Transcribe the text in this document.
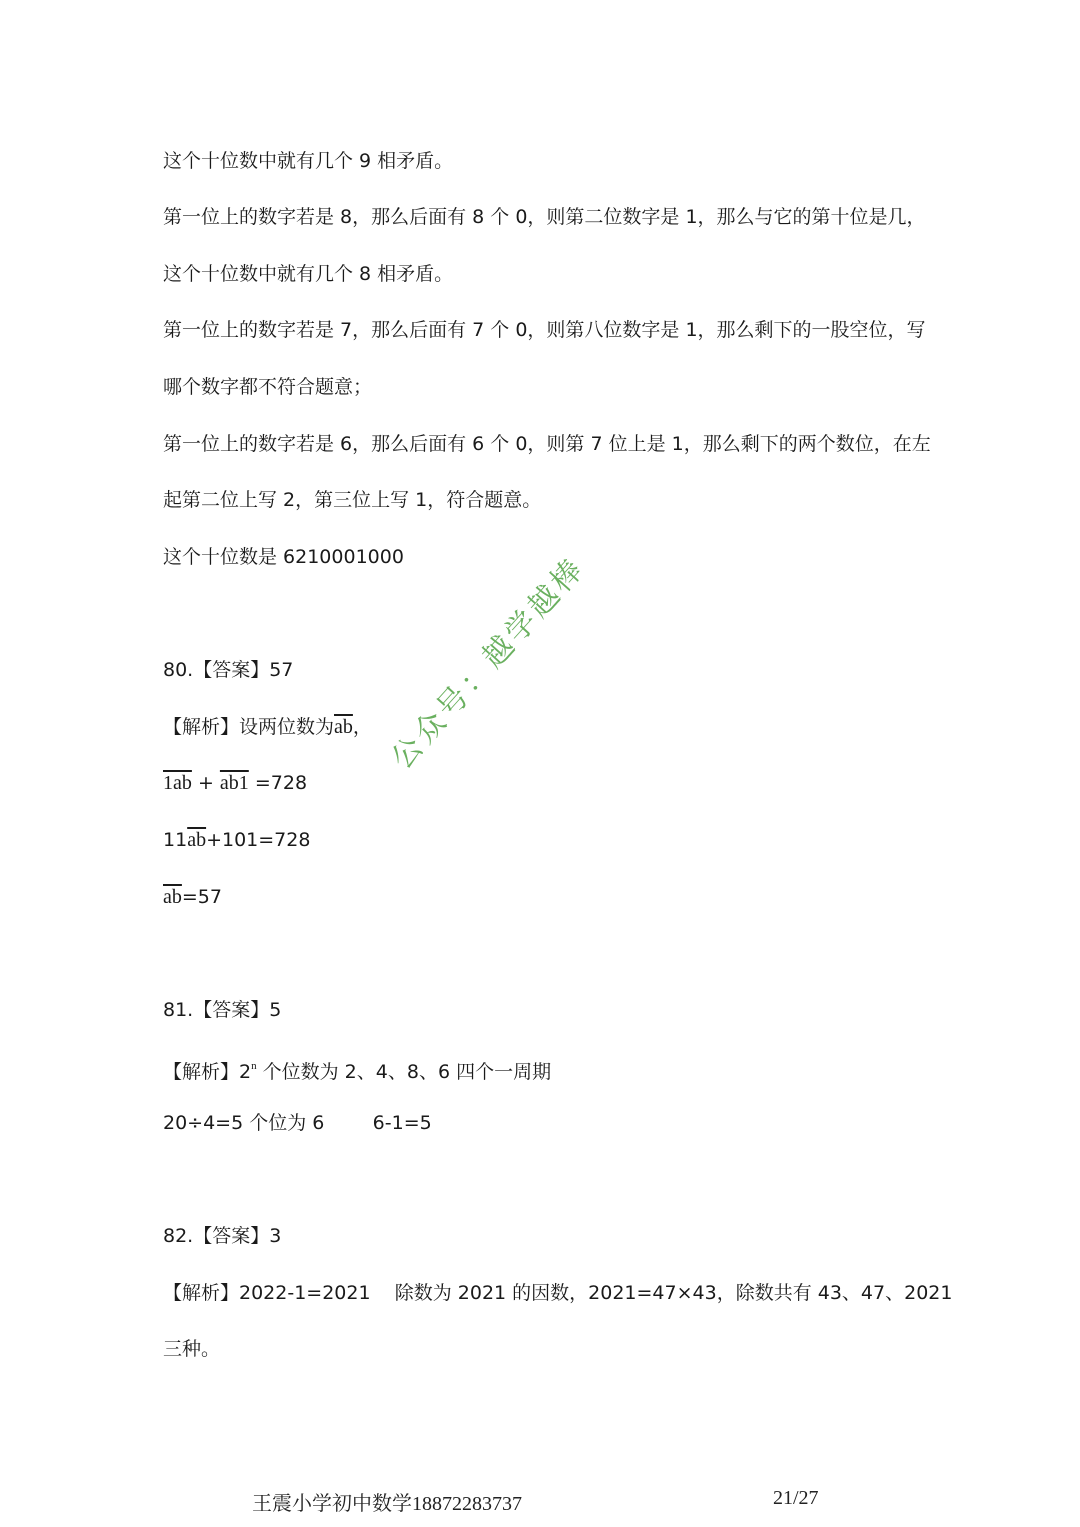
这个十位数中就有几个 9 相矛盾。
第一位上的数字若是 8，那么后面有 8 个 0，则第二位数字是 1，那么与它的第十位是几，
这个十位数中就有几个 8 相矛盾。
第一位上的数字若是 7，那么后面有 7 个 0，则第八位数字是 1，那么剩下的一股空位，写
哪个数字都不符合题意；
第一位上的数字若是 6，那么后面有 6 个 0，则第 7 位上是 1，那么剩下的两个数位，在左
起第二位上写 2，第三位上写 1，符合题意。
这个十位数是 6210001000
80.【答案】57
【解析】设两位数为$\overline{ab}$，
1ab + ab1 =728
$11\overline{ab}+101=728$
$\overline{ab}=57$
81.【答案】5
【解析】2$^n$ 个位数为 2、4、8、6 四个一周期
20÷4=5 个位为 6        6-1=5
82.【答案】3
【解析】2022-1=2021    除数为 2021 的因数，2021=47×43，除数共有 43、47、2021
三种。
公众号：越学越棒
王震小学初中数学18872283737	21/27
